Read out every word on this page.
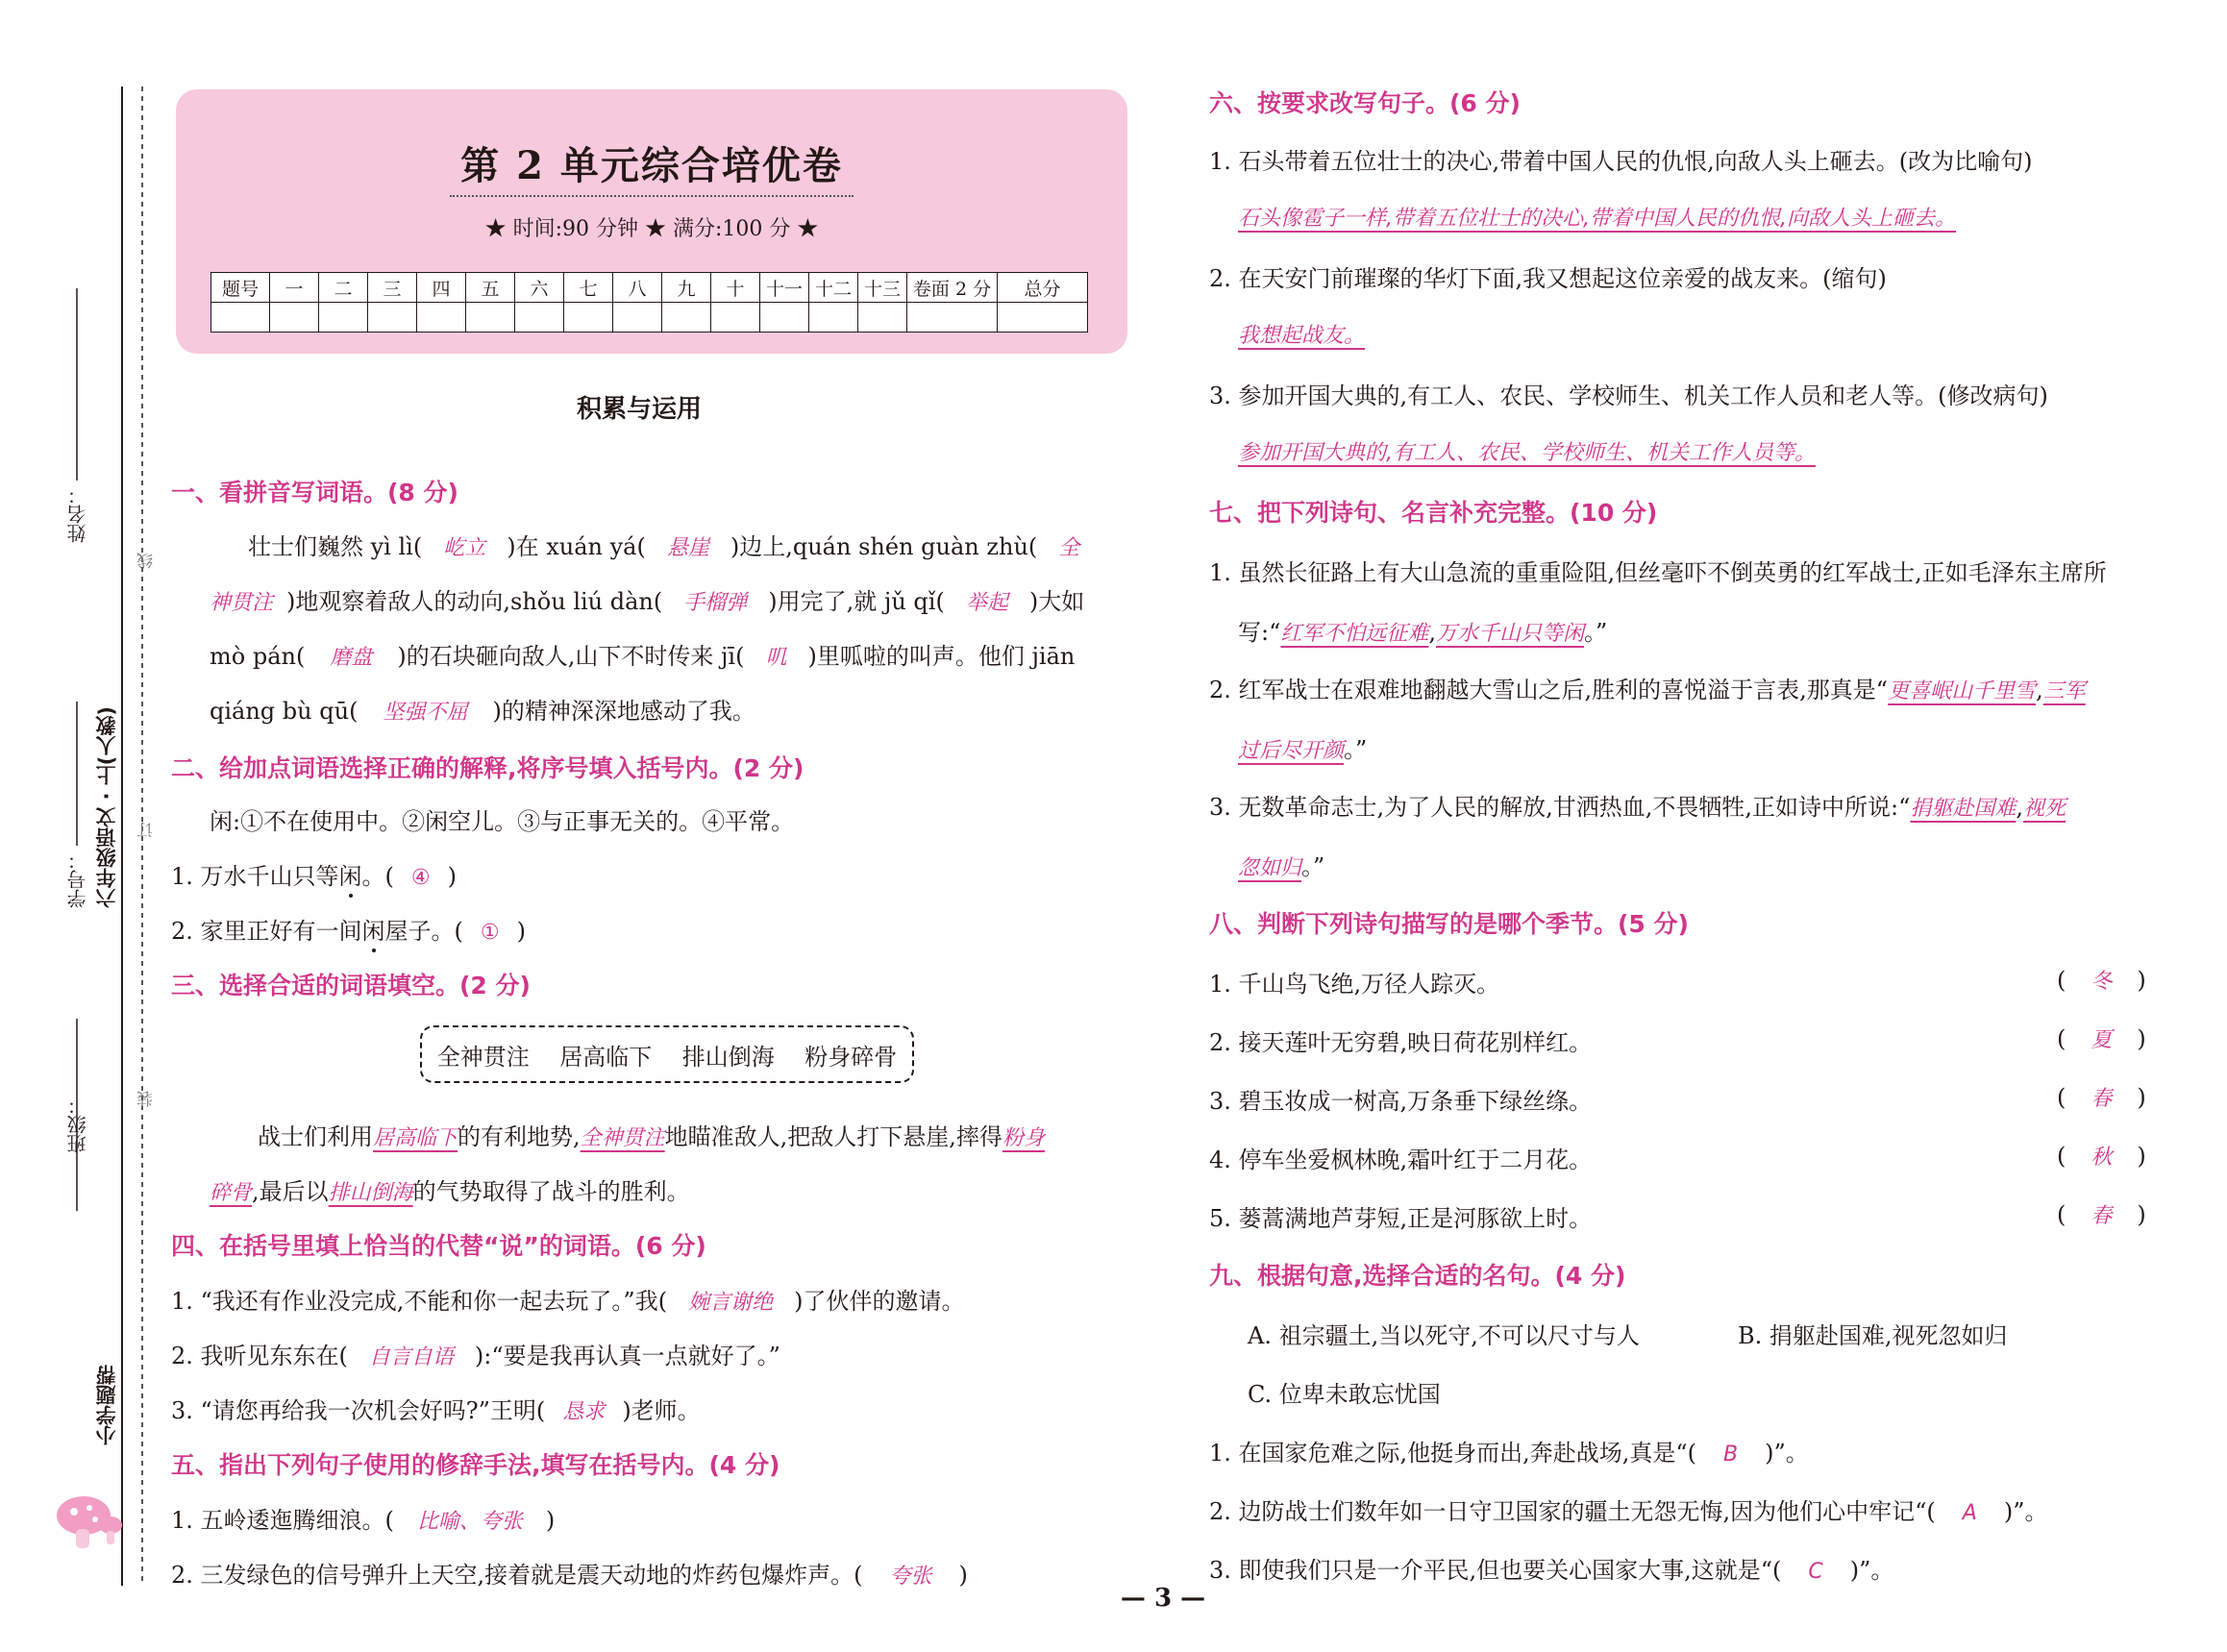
姓名：
学号：
班级：
六年级语文 · 上(人教)
小学题帮
线
订
装
第 2 单元综合培优卷
★ 时间:90 分钟 ★ 满分:100 分 ★
题号	一	二	三	四	五	六	七	八	九	十	十一	十二	十三	卷面 2 分	总分

积累与运用
一、看拼音写词语。(8 分)
壮士们巍然 yì lì( 屹立 )在 xuán yá( 悬崖 )边上,quán shén guàn zhù( 全
神贯注 )地观察着敌人的动向,shǒu liú dàn( 手榴弹 )用完了,就 jǔ qǐ( 举起 )大如
mò pán( 磨盘 )的石块砸向敌人,山下不时传来 jī( 叽 )里呱啦的叫声。他们 jiān
qiáng bù qū( 坚强不屈 )的精神深深地感动了我。
二、给加点词语选择正确的解释,将序号填入括号内。(2 分)
闲:①不在使用中。②闲空儿。③与正事无关的。④平常。
1. 万水千山只等闲。( ④ )
2. 家里正好有一间闲屋子。( ① )
三、选择合适的词语填空。(2 分)
全神贯注 居高临下 排山倒海 粉身碎骨
战士们利用居高临下的有利地势,全神贯注地瞄准敌人,把敌人打下悬崖,摔得粉身
碎骨,最后以排山倒海的气势取得了战斗的胜利。
四、在括号里填上恰当的代替“说”的词语。(6 分)
1. “我还有作业没完成,不能和你一起去玩了。”我( 婉言谢绝 )了伙伴的邀请。
2. 我听见东东在( 自言自语 ):“要是我再认真一点就好了。”
3. “请您再给我一次机会好吗?”王明( 恳求 )老师。
五、指出下列句子使用的修辞手法,填写在括号内。(4 分)
1. 五岭逶迤腾细浪。( 比喻、夸张 )
2. 三发绿色的信号弹升上天空,接着就是震天动地的炸药包爆炸声。( 夸张 )
六、按要求改写句子。(6 分)
1. 石头带着五位壮士的决心,带着中国人民的仇恨,向敌人头上砸去。(改为比喻句)
石头像雹子一样,带着五位壮士的决心,带着中国人民的仇恨,向敌人头上砸去。
2. 在天安门前璀璨的华灯下面,我又想起这位亲爱的战友来。(缩句)
我想起战友。
3. 参加开国大典的,有工人、农民、学校师生、机关工作人员和老人等。(修改病句)
参加开国大典的,有工人、农民、学校师生、机关工作人员等。
七、把下列诗句、名言补充完整。(10 分)
1. 虽然长征路上有大山急流的重重险阻,但丝毫吓不倒英勇的红军战士,正如毛泽东主席所
写:“红军不怕远征难,万水千山只等闲。”
2. 红军战士在艰难地翻越大雪山之后,胜利的喜悦溢于言表,那真是“更喜岷山千里雪,三军
过后尽开颜。”
3. 无数革命志士,为了人民的解放,甘洒热血,不畏牺牲,正如诗中所说:“捐躯赴国难,视死
忽如归。”
八、判断下列诗句描写的是哪个季节。(5 分)
1. 千山鸟飞绝,万径人踪灭。	( 冬 )
2. 接天莲叶无穷碧,映日荷花别样红。	( 夏 )
3. 碧玉妆成一树高,万条垂下绿丝绦。	( 春 )
4. 停车坐爱枫林晚,霜叶红于二月花。	( 秋 )
5. 蒌蒿满地芦芽短,正是河豚欲上时。	( 春 )
九、根据句意,选择合适的名句。(4 分)
A. 祖宗疆土,当以死守,不可以尺寸与人	B. 捐躯赴国难,视死忽如归
C. 位卑未敢忘忧国
1. 在国家危难之际,他挺身而出,奔赴战场,真是“( B )”。
2. 边防战士们数年如一日守卫国家的疆土无怨无悔,因为他们心中牢记“( A )”。
3. 即使我们只是一介平民,但也要关心国家大事,这就是“( C )”。
— 3 —
